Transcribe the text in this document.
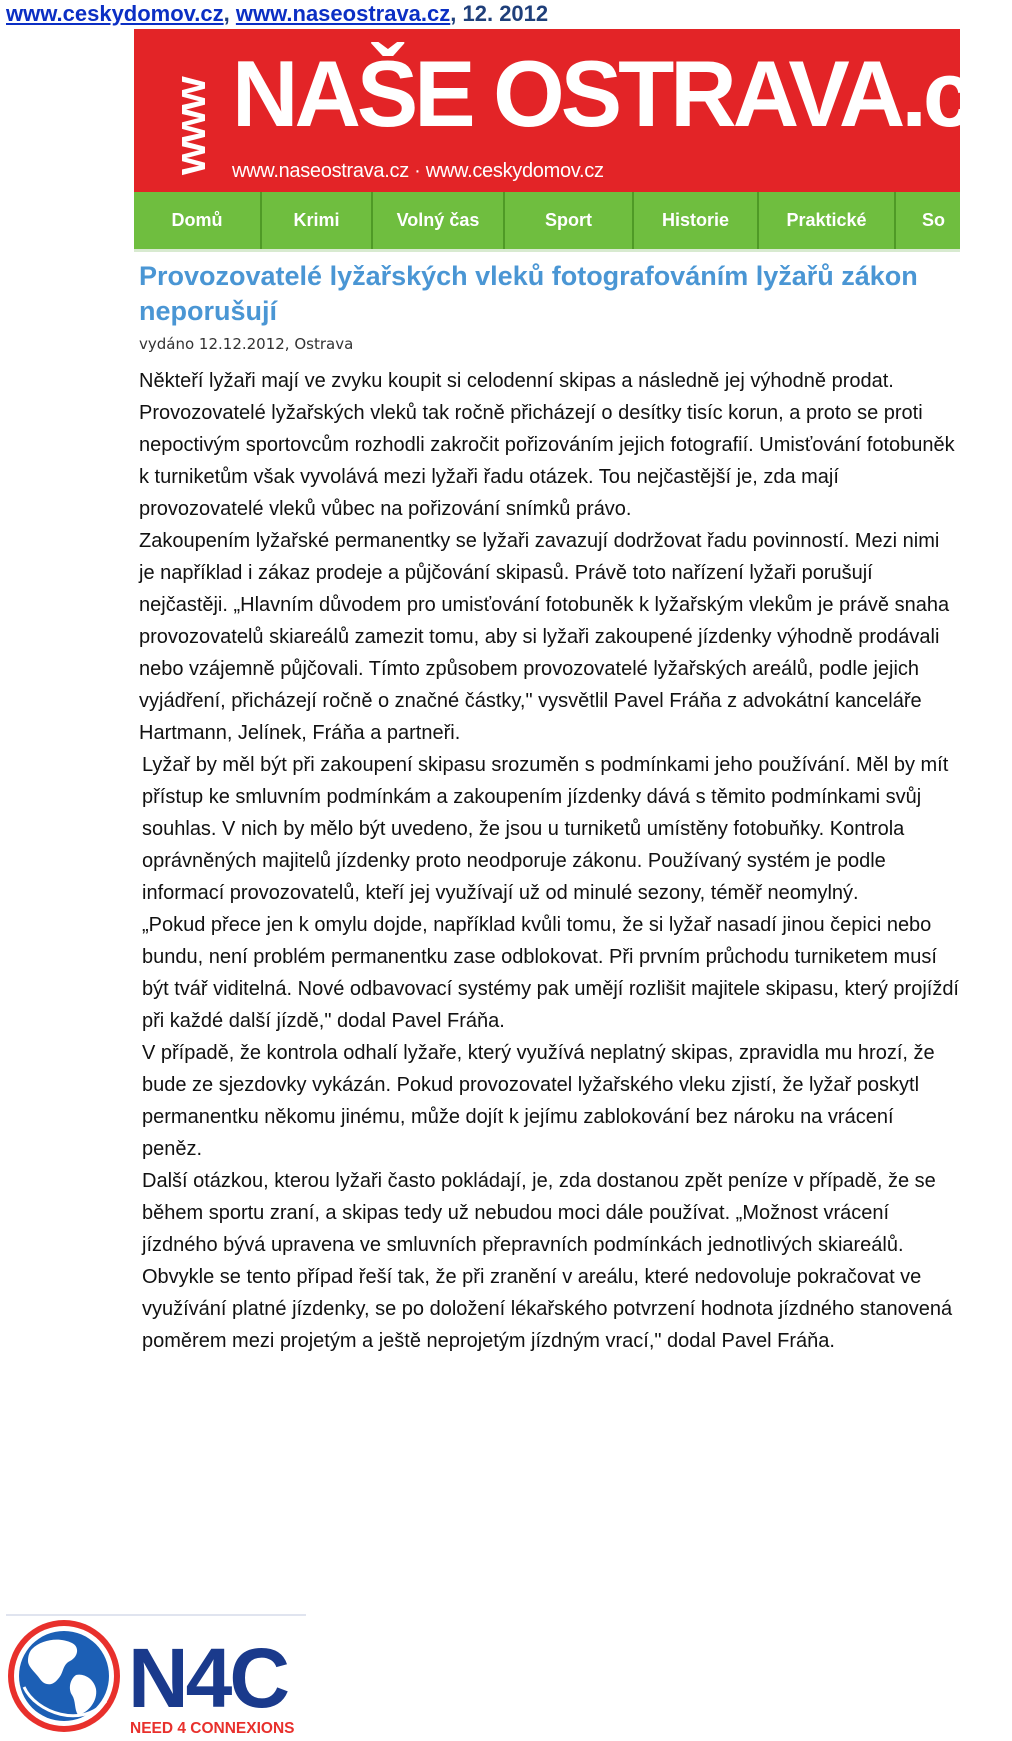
www.ceskydomov.cz, www.naseostrava.cz, 12. 2012
www NAŠE OSTRAVA.cz
www.naseostrava.cz · www.ceskydomov.cz
Domů	Krimi	Volný čas	Sport	Historie	Praktické	So
Provozovatelé lyžařských vleků fotografováním lyžařů zákon neporušují
vydáno 12.12.2012, Ostrava

Někteří lyžaři mají ve zvyku koupit si celodenní skipas a následně jej výhodně prodat. Provozovatelé lyžařských vleků tak ročně přicházejí o desítky tisíc korun, a proto se proti nepoctivým sportovcům rozhodli zakročit pořizováním jejich fotografií. Umisťování fotobuněk k turniketům však vyvolává mezi lyžaři řadu otázek. Tou nejčastější je, zda mají provozovatelé vleků vůbec na pořizování snímků právo.

Zakoupením lyžařské permanentky se lyžaři zavazují dodržovat řadu povinností. Mezi nimi je například i zákaz prodeje a půjčování skipasů. Právě toto nařízení lyžaři porušují nejčastěji. „Hlavním důvodem pro umisťování fotobuněk k lyžařským vlekům je právě snaha provozovatelů skiareálů zamezit tomu, aby si lyžaři zakoupené jízdenky výhodně prodávali nebo vzájemně půjčovali. Tímto způsobem provozovatelé lyžařských areálů, podle jejich vyjádření, přicházejí ročně o značné částky," vysvětlil Pavel Fráňa z advokátní kanceláře Hartmann, Jelínek, Fráňa a partneři.

Lyžař by měl být při zakoupení skipasu srozuměn s podmínkami jeho používání. Měl by mít přístup ke smluvním podmínkám a zakoupením jízdenky dává s těmito podmínkami svůj souhlas. V nich by mělo být uvedeno, že jsou u turniketů umístěny fotobuňky. Kontrola oprávněných majitelů jízdenky proto neodporuje zákonu. Používaný systém je podle informací provozovatelů, kteří jej využívají už od minulé sezony, téměř neomylný.

„Pokud přece jen k omylu dojde, například kvůli tomu, že si lyžař nasadí jinou čepici nebo bundu, není problém permanentku zase odblokovat. Při prvním průchodu turniketem musí být tvář viditelná. Nové odbavovací systémy pak umějí rozlišit majitele skipasu, který projíždí při každé další jízdě," dodal Pavel Fráňa.

V případě, že kontrola odhalí lyžaře, který využívá neplatný skipas, zpravidla mu hrozí, že bude ze sjezdovky vykázán. Pokud provozovatel lyžařského vleku zjistí, že lyžař poskytl permanentku někomu jinému, může dojít k jejímu zablokování bez nároku na vrácení peněz.

Další otázkou, kterou lyžaři často pokládají, je, zda dostanou zpět peníze v případě, že se během sportu zraní, a skipas tedy už nebudou moci dále používat. „Možnost vrácení jízdného bývá upravena ve smluvních přepravních podmínkách jednotlivých skiareálů. Obvykle se tento případ řeší tak, že při zranění v areálu, které nedovoluje pokračovat ve využívání platné jízdenky, se po doložení lékařského potvrzení hodnota jízdného stanovená poměrem mezi projetým a ještě neprojetým jízdným vrací," dodal Pavel Fráňa.

N4C
NEED 4 CONNEXIONS
